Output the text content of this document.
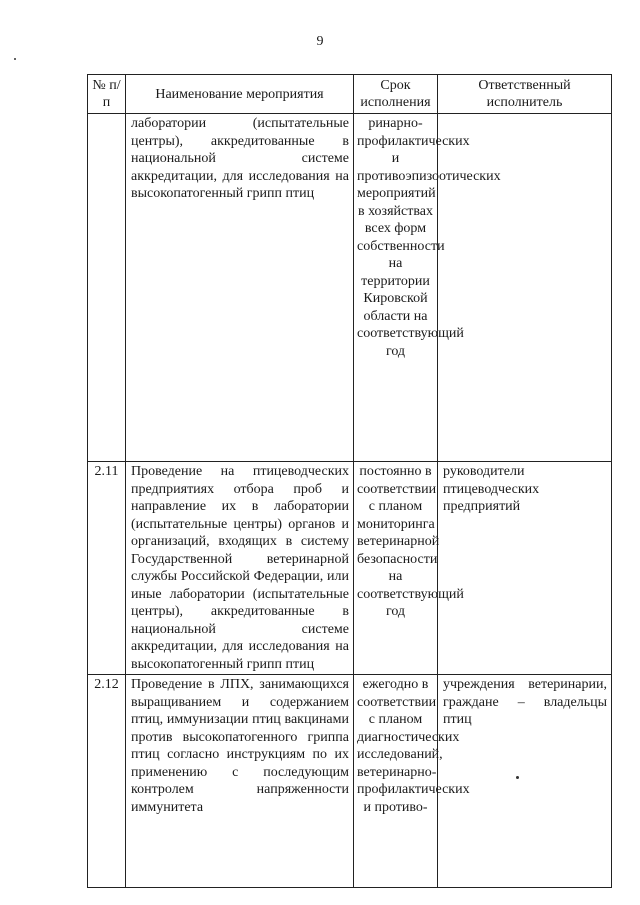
9
№ п/п	Наименование мероприятия	Срок исполнения	Ответственный исполнитель
	лаборатории (испытательные центры), аккредитованные в национальной системе аккредитации, для исследования на высокопатогенный грипп птиц	ринарно-профилактических и противоэпизоотических мероприятий в хозяйствах всех форм собственности на территории Кировской области на соответствующий год	
2.11	Проведение на птицеводческих предприятиях отбора проб и направление их в лаборатории (испытательные центры) органов и организаций, входящих в систему Государственной ветеринарной службы Российской Федерации, или иные лаборатории (испытательные центры), аккредитованные в национальной системе аккредитации, для исследования на высокопатогенный грипп птиц	постоянно в соответствии с планом мониторинга ветеринарной безопасности на соответствующий год	руководители птицеводческих предприятий
2.12	Проведение в ЛПХ, занимающихся выращиванием и содержанием птиц, иммунизации птиц вакцинами против высокопатогенного гриппа птиц согласно инструкциям по их применению с последующим контролем напряженности иммунитета	ежегодно в соответствии с планом диагностических исследований, ветеринарно-профилактических и противо-	учреждения ветеринарии, граждане – владельцы птиц
